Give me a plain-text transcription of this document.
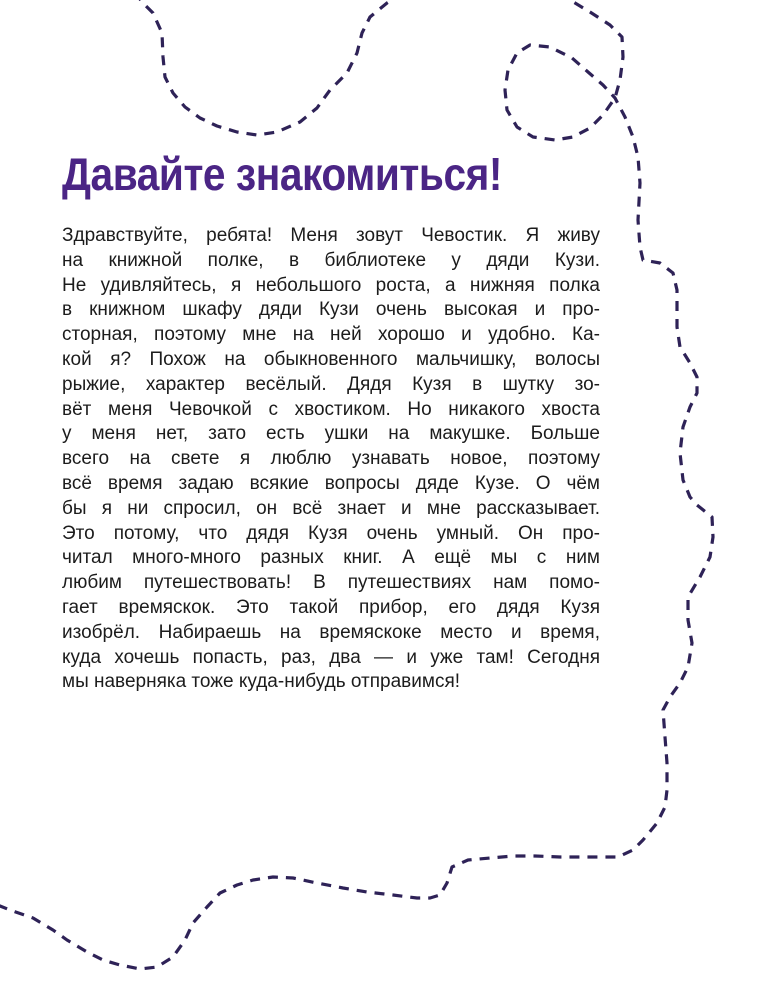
Давайте знакомиться!
Здравствуйте, ребята! Меня зовут Чевостик. Я живу
на книжной полке, в библиотеке у дяди Кузи.
Не удивляйтесь, я небольшого роста, а нижняя полка
в книжном шкафу дяди Кузи очень высокая и про-
сторная, поэтому мне на ней хорошо и удобно. Ка-
кой я? Похож на обыкновенного мальчишку, волосы
рыжие, характер весёлый. Дядя Кузя в шутку зо-
вёт меня Чевочкой с хвостиком. Но никакого хвоста
у меня нет, зато есть ушки на макушке. Больше
всего на свете я люблю узнавать новое, поэтому
всё время задаю всякие вопросы дяде Кузе. О чём
бы я ни спросил, он всё знает и мне рассказывает.
Это потому, что дядя Кузя очень умный. Он про-
читал много-много разных книг. А ещё мы с ним
любим путешествовать! В путешествиях нам помо-
гает времяскок. Это такой прибор, его дядя Кузя
изобрёл. Набираешь на времяскоке место и время,
куда хочешь попасть, раз, два — и уже там! Сегодня
мы наверняка тоже куда-нибудь отправимся!
